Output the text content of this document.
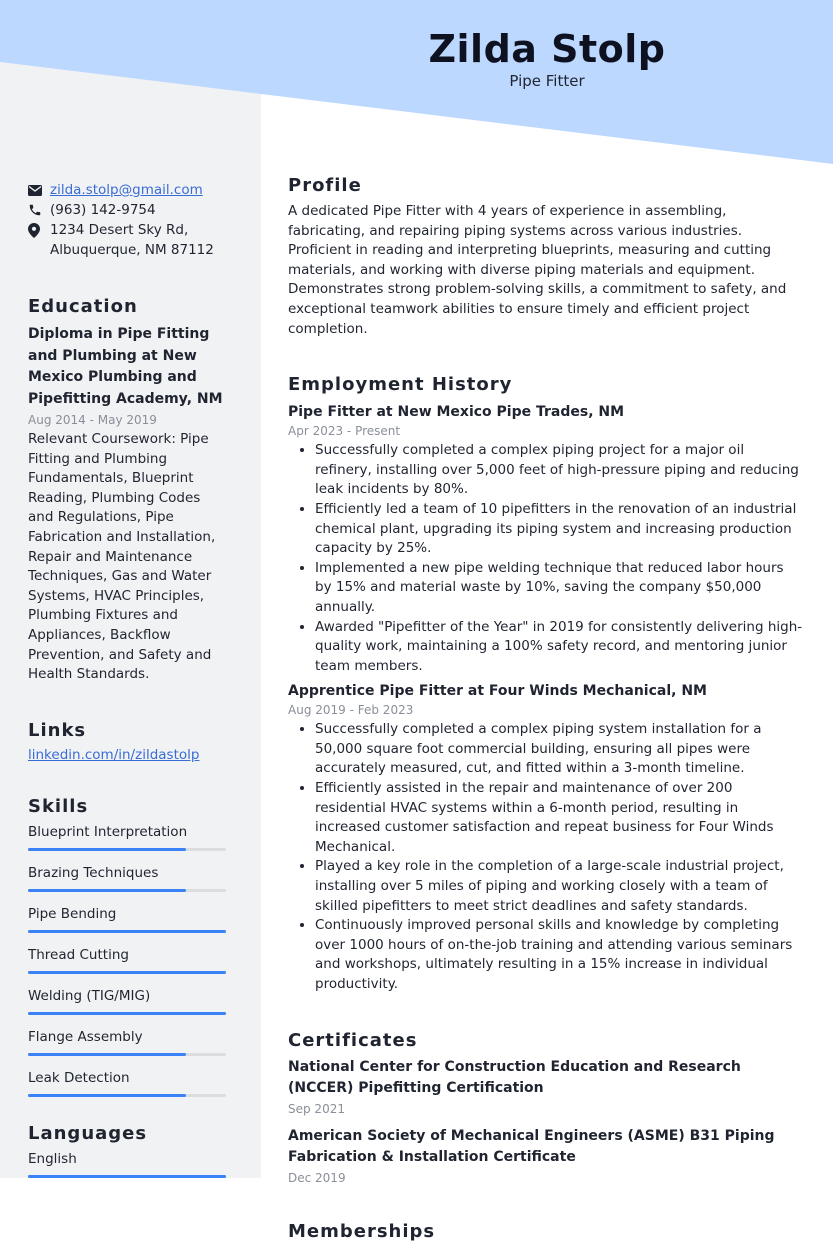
Zilda Stolp
Pipe Fitter
zilda.stolp@gmail.com
(963) 142-9754
1234 Desert Sky Rd,
Albuquerque, NM 87112
Education
Diploma in Pipe Fitting and Plumbing at New Mexico Plumbing and Pipefitting Academy, NM
Aug 2014 - May 2019
Relevant Coursework: Pipe Fitting and Plumbing Fundamentals, Blueprint Reading, Plumbing Codes and Regulations, Pipe Fabrication and Installation, Repair and Maintenance Techniques, Gas and Water Systems, HVAC Principles, Plumbing Fixtures and Appliances, Backflow Prevention, and Safety and Health Standards.
Links
linkedin.com/in/zildastolp
Skills
Blueprint Interpretation
Brazing Techniques
Pipe Bending
Thread Cutting
Welding (TIG/MIG)
Flange Assembly
Leak Detection
Languages
English
Profile
A dedicated Pipe Fitter with 4 years of experience in assembling, fabricating, and repairing piping systems across various industries. Proficient in reading and interpreting blueprints, measuring and cutting materials, and working with diverse piping materials and equipment. Demonstrates strong problem-solving skills, a commitment to safety, and exceptional teamwork abilities to ensure timely and efficient project completion.
Employment History
Pipe Fitter at New Mexico Pipe Trades, NM
Apr 2023 - Present
• Successfully completed a complex piping project for a major oil refinery, installing over 5,000 feet of high-pressure piping and reducing leak incidents by 80%.
• Efficiently led a team of 10 pipefitters in the renovation of an industrial chemical plant, upgrading its piping system and increasing production capacity by 25%.
• Implemented a new pipe welding technique that reduced labor hours by 15% and material waste by 10%, saving the company $50,000 annually.
• Awarded "Pipefitter of the Year" in 2019 for consistently delivering high-quality work, maintaining a 100% safety record, and mentoring junior team members.
Apprentice Pipe Fitter at Four Winds Mechanical, NM
Aug 2019 - Feb 2023
• Successfully completed a complex piping system installation for a 50,000 square foot commercial building, ensuring all pipes were accurately measured, cut, and fitted within a 3-month timeline.
• Efficiently assisted in the repair and maintenance of over 200 residential HVAC systems within a 6-month period, resulting in increased customer satisfaction and repeat business for Four Winds Mechanical.
• Played a key role in the completion of a large-scale industrial project, installing over 5 miles of piping and working closely with a team of skilled pipefitters to meet strict deadlines and safety standards.
• Continuously improved personal skills and knowledge by completing over 1000 hours of on-the-job training and attending various seminars and workshops, ultimately resulting in a 15% increase in individual productivity.
Certificates
National Center for Construction Education and Research (NCCER) Pipefitting Certification
Sep 2021
American Society of Mechanical Engineers (ASME) B31 Piping Fabrication & Installation Certificate
Dec 2019
Memberships
